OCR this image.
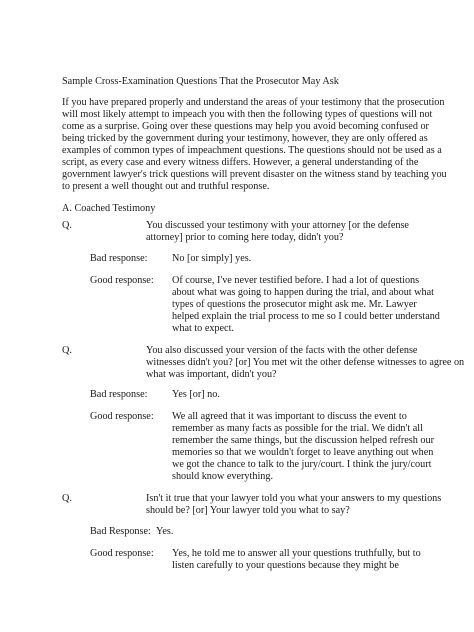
Sample Cross-Examination Questions That the Prosecutor May Ask
If you have prepared properly and understand the areas of your testimony that the prosecution
will most likely attempt to impeach you with then the following types of questions will not
come as a surprise. Going over these questions may help you avoid becoming confused or
being tricked by the government during your testimony, however, they are only offered as
examples of common types of impeachment questions. The questions should not be used as a
script, as every case and every witness differs. However, a general understanding of the
government lawyer's trick questions will prevent disaster on the witness stand by teaching you
to present a well thought out and truthful response.
A. Coached Testimony
Q.	You discussed your testimony with your attorney [or the defense
attorney] prior to coming here today, didn't you?
Bad response: No [or simply] yes.
Good response: Of course, I've never testified before. I had a lot of questions
about what was going to happen during the trial, and about what
types of questions the prosecutor might ask me. Mr. Lawyer
helped explain the trial process to me so I could better understand
what to expect.
Q.	You also discussed your version of the facts with the other defense
witnesses didn't you? [or] You met wit the other defense witnesses to agree on
what was important, didn't you?
Bad response: Yes [or] no.
Good response: We all agreed that it was important to discuss the event to
remember as many facts as possible for the trial. We didn't all
remember the same things, but the discussion helped refresh our
memories so that we wouldn't forget to leave anything out when
we got the chance to talk to the jury/court. I think the jury/court
should know everything.
Q.	Isn't it true that your lawyer told you what your answers to my questions
should be? [or] Your lawyer told you what to say?
Bad Response: Yes.
Good response: Yes, he told me to answer all your questions truthfully, but to
listen carefully to your questions because they might be
